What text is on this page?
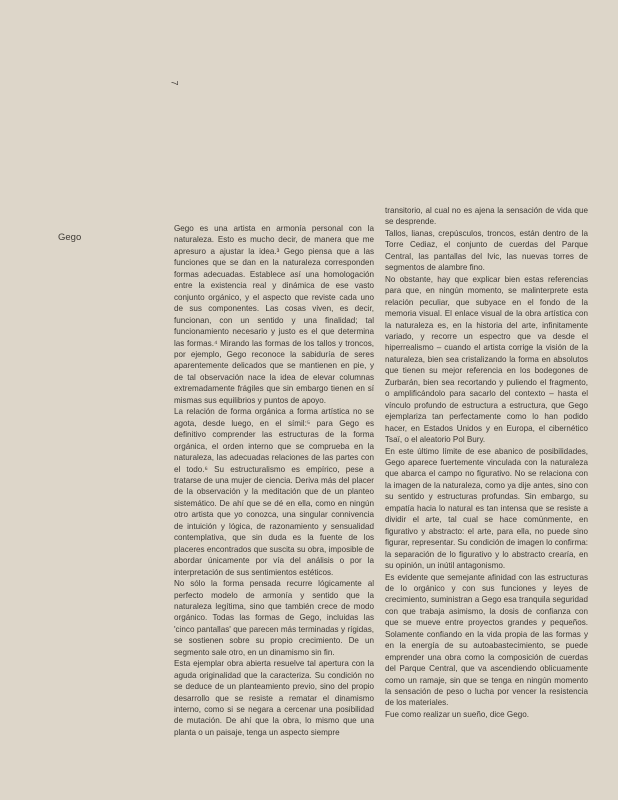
7
Gego

Gego es una artista en armonía personal con la naturaleza. Esto es mucho decir, de manera que me apresuro a ajustar la idea.³ Gego piensa que a las funciones que se dan en la naturaleza corresponden formas adecuadas. Establece así una homologación entre la existencia real y dinámica de ese vasto conjunto orgánico, y el aspecto que reviste cada uno de sus componentes. Las cosas viven, es decir, funcionan, con un sentido y una finalidad; tal funcionamiento necesario y justo es el que determina las formas.⁴ Mirando las formas de los tallos y troncos, por ejemplo, Gego reconoce la sabiduría de seres aparentemente delicados que se mantienen en pie, y de tal observación nace la idea de elevar columnas extremadamente frágiles que sin embargo tienen en sí mismas sus equilibrios y puntos de apoyo.

La relación de forma orgánica a forma artística no se agota, desde luego, en el símil:⁵ para Gego es definitivo comprender las estructuras de la forma orgánica, el orden interno que se comprueba en la naturaleza, las adecuadas relaciones de las partes con el todo.⁶ Su estructuralismo es empírico, pese a tratarse de una mujer de ciencia. Deriva más del placer de la observación y la meditación que de un planteo sistemático. De ahí que se dé en ella, como en ningún otro artista que yo conozca, una singular connivencia de intuición y lógica, de razonamiento y sensualidad contemplativa, que sin duda es la fuente de los placeres encontrados que suscita su obra, imposible de abordar únicamente por vía del análisis o por la interpretación de sus sentimientos estéticos.

No sólo la forma pensada recurre lógicamente al perfecto modelo de armonía y sentido que la naturaleza legítima, sino que también crece de modo orgánico. Todas las formas de Gego, incluidas las 'cinco pantallas' que parecen más terminadas y rígidas, se sostienen sobre su propio crecimiento. De un segmento sale otro, en un dinamismo sin fin.

Esta ejemplar obra abierta resuelve tal apertura con la aguda originalidad que la caracteriza. Su condición no se deduce de un planteamiento previo, sino del propio desarrollo que se resiste a rematar el dinamismo interno, como si se negara a cercenar una posibilidad de mutación. De ahí que la obra, lo mismo que una planta o un paisaje, tenga un aspecto siempre

transitorio, al cual no es ajena la sensación de vida que se desprende.

Tallos, lianas, crepúsculos, troncos, están dentro de la Torre Cediaz, el conjunto de cuerdas del Parque Central, las pantallas del Ivic, las nuevas torres de segmentos de alambre fino.

No obstante, hay que explicar bien estas referencias para que, en ningún momento, se malinterprete esta relación peculiar, que subyace en el fondo de la memoria visual. El enlace visual de la obra artística con la naturaleza es, en la historia del arte, infinitamente variado, y recorre un espectro que va desde el hiperrealismo – cuando el artista corrige la visión de la naturaleza, bien sea cristalizando la forma en absolutos que tienen su mejor referencia en los bodegones de Zurbarán, bien sea recortando y puliendo el fragmento, o amplificándolo para sacarlo del contexto – hasta el vínculo profundo de estructura a estructura, que Gego ejemplariza tan perfectamente como lo han podido hacer, en Estados Unidos y en Europa, el cibernético Tsaï, o el aleatorio Pol Bury.

En este último límite de ese abanico de posibilidades, Gego aparece fuertemente vinculada con la naturaleza que abarca el campo no figurativo. No se relaciona con la imagen de la naturaleza, como ya dije antes, sino con su sentido y estructuras profundas. Sin embargo, su empatía hacia lo natural es tan intensa que se resiste a dividir el arte, tal cual se hace comúnmente, en figurativo y abstracto: el arte, para ella, no puede sino figurar, representar. Su condición de imagen lo confirma: la separación de lo figurativo y lo abstracto crearía, en su opinión, un inútil antagonismo.

Es evidente que semejante afinidad con las estructuras de lo orgánico y con sus funciones y leyes de crecimiento, suministran a Gego esa tranquila seguridad con que trabaja asimismo, la dosis de confianza con que se mueve entre proyectos grandes y pequeños. Solamente confiando en la vida propia de las formas y en la energía de su autoabastecimiento, se puede emprender una obra como la composición de cuerdas del Parque Central, que va ascendiendo oblicuamente como un ramaje, sin que se tenga en ningún momento la sensación de peso o lucha por vencer la resistencia de los materiales.

Fue como realizar un sueño, dice Gego.
